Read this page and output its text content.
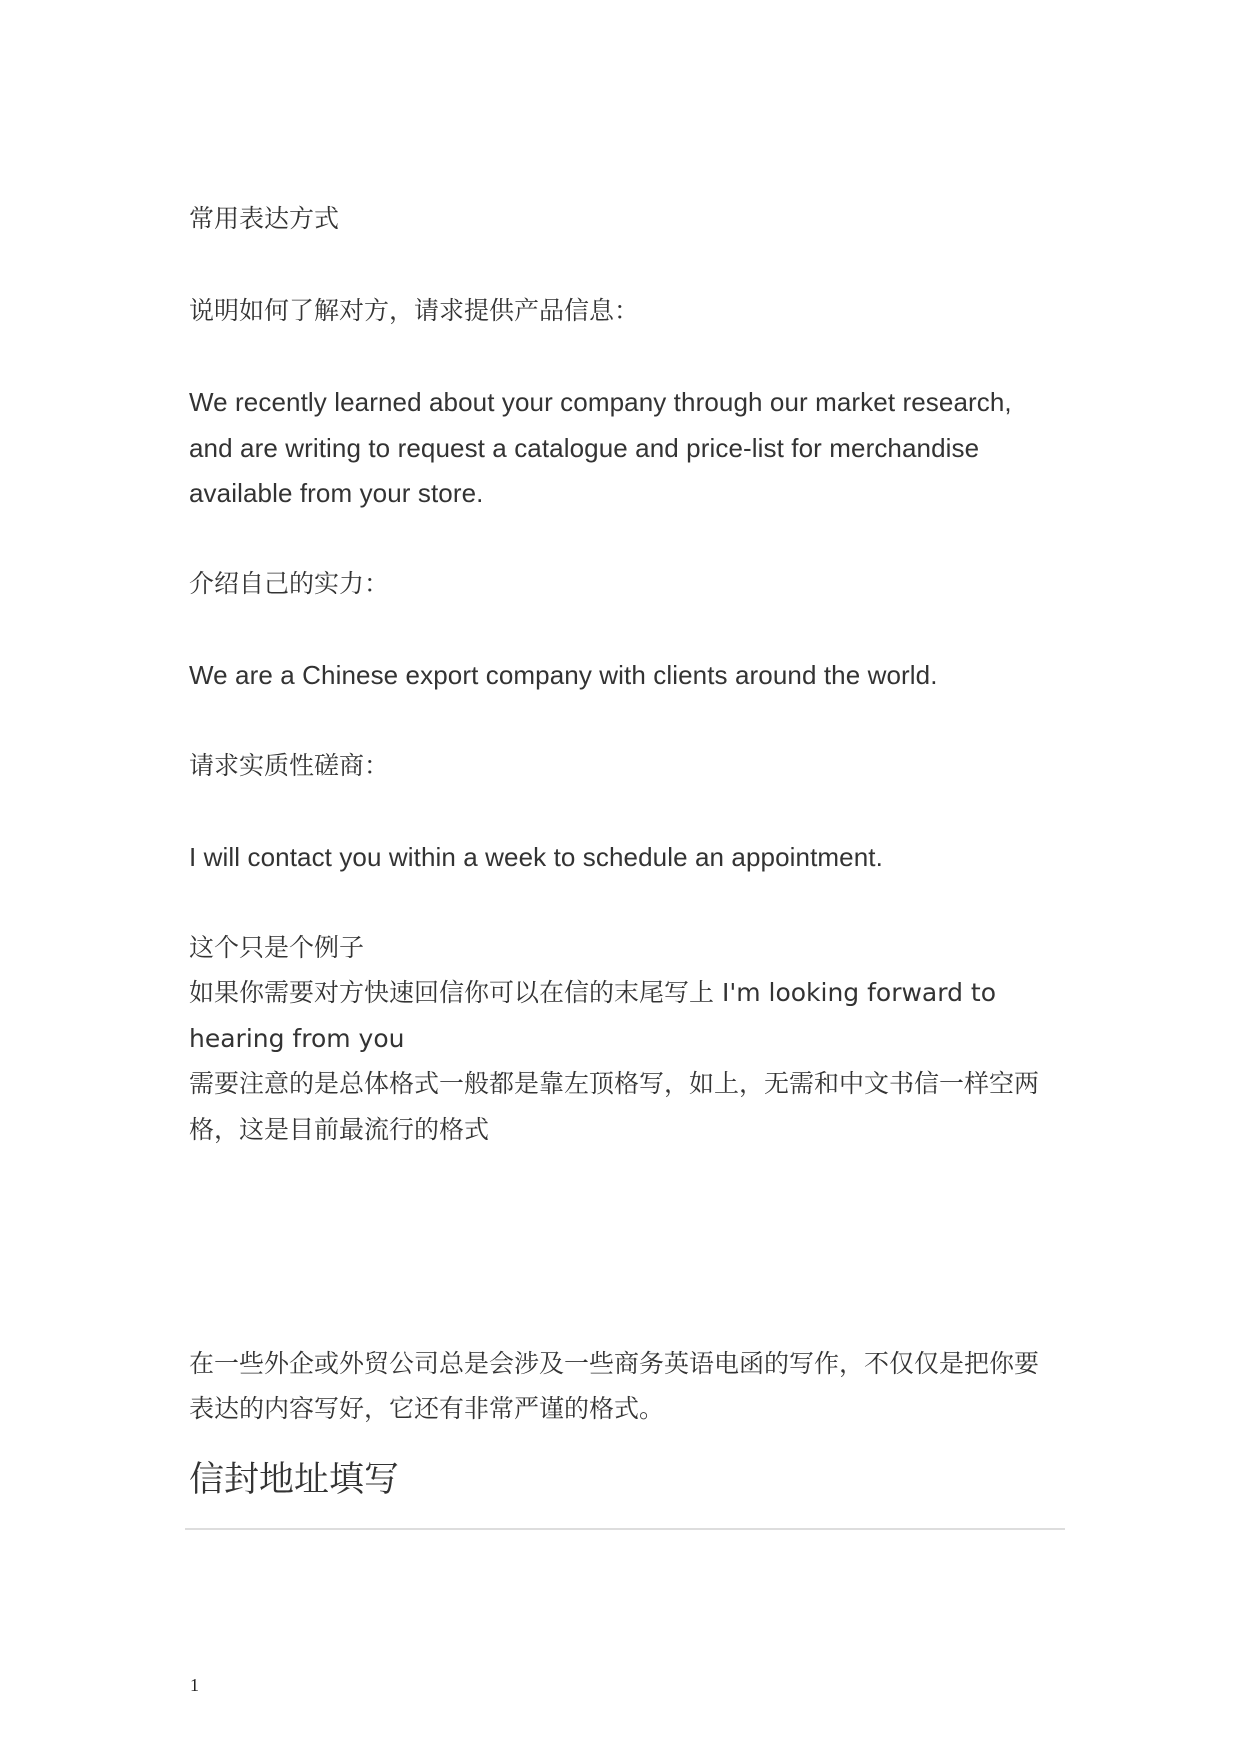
常用表达方式
说明如何了解对方，请求提供产品信息：
We recently learned about your company through our market research,
and are writing to request a catalogue and price-list for merchandise
available from your store.
介绍自己的实力：
We are a Chinese export company with clients around the world.
请求实质性磋商：
I will contact you within a week to schedule an appointment.
这个只是个例子
如果你需要对方快速回信你可以在信的末尾写上 I'm looking forward to
hearing from you
需要注意的是总体格式一般都是靠左顶格写，如上，无需和中文书信一样空两
格，这是目前最流行的格式
在一些外企或外贸公司总是会涉及一些商务英语电函的写作，不仅仅是把你要
表达的内容写好，它还有非常严谨的格式。
信封地址填写
1
